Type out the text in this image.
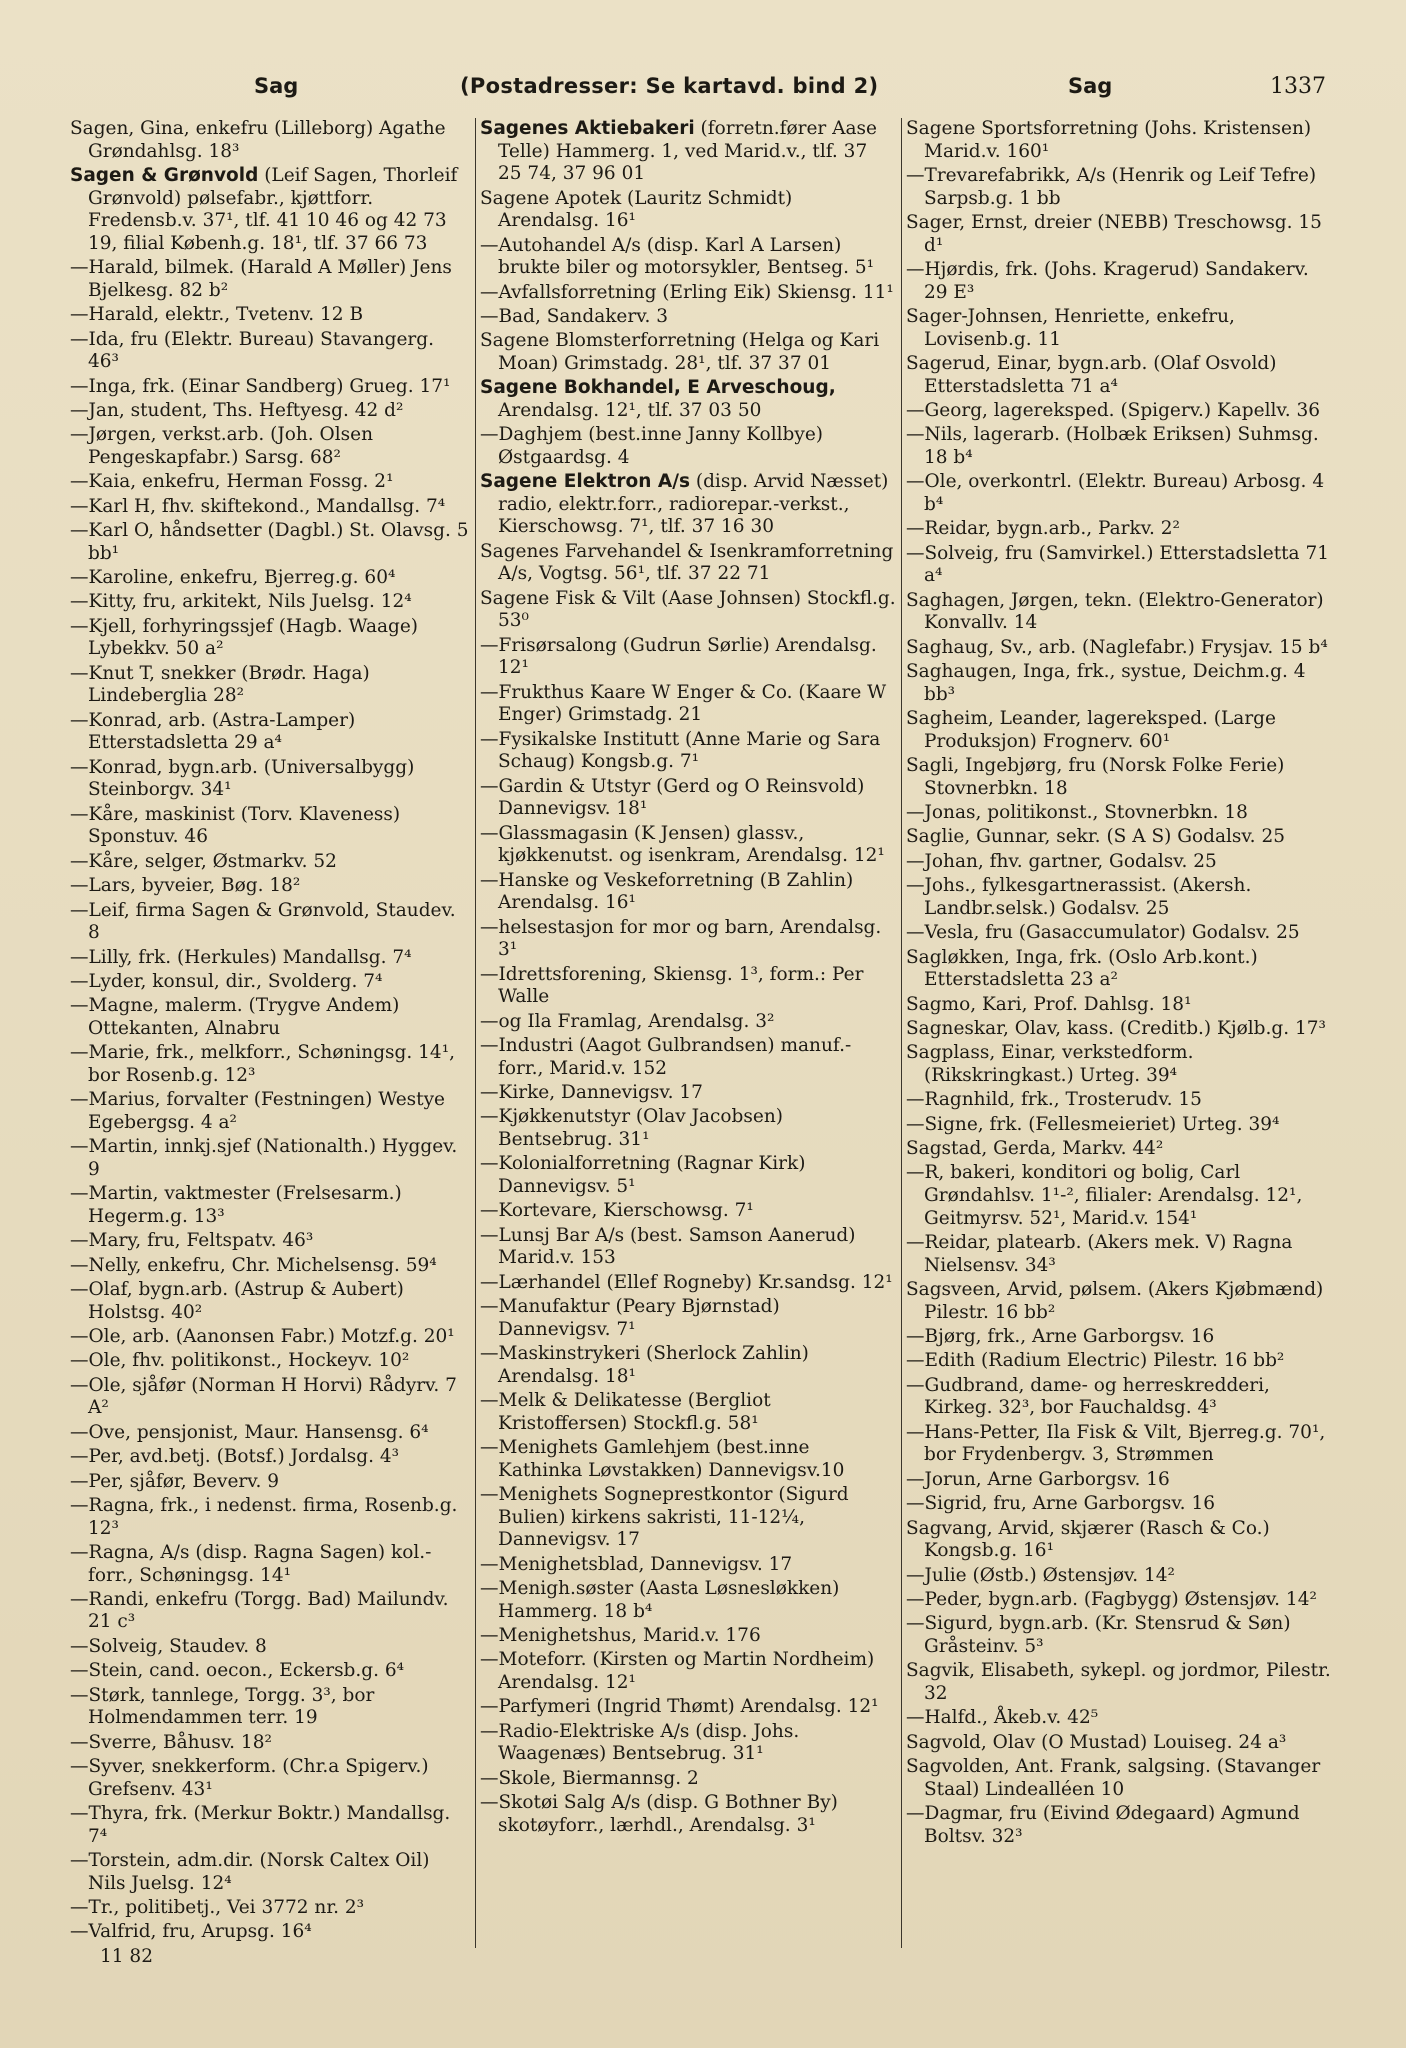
Sag	(Postadresser: Se kartavd. bind 2)	Sag	1337
Sagen, Gina, enkefru (Lilleborg) Agathe Grøndahlsg. 18³
Sagen & Grønvold (Leif Sagen, Thorleif Grønvold) pølsefabr., kjøttforr. Fredensb.v. 37¹, tlf. 41 10 46 og 42 73 19, filial Københ.g. 18¹, tlf. 37 66 73
—Harald, bilmek. (Harald A Møller) Jens Bjelkesg. 82 b²
—Harald, elektr., Tvetenv. 12 B
—Ida, fru (Elektr. Bureau) Stavangerg. 46³
—Inga, frk. (Einar Sandberg) Grueg. 17¹
—Jan, student, Ths. Heftyesg. 42 d²
—Jørgen, verkst.arb. (Joh. Olsen Pengeskapfabr.) Sarsg. 68²
—Kaia, enkefru, Herman Fossg. 2¹
—Karl H, fhv. skiftekond., Mandallsg. 7⁴
—Karl O, håndsetter (Dagbl.) St. Olavsg. 5 bb¹
—Karoline, enkefru, Bjerreg.g. 60⁴
—Kitty, fru, arkitekt, Nils Juelsg. 12⁴
—Kjell, forhyringssjef (Hagb. Waage) Lybekkv. 50 a²
—Knut T, snekker (Brødr. Haga) Lindeberglia 28²
—Konrad, arb. (Astra-Lamper) Etterstadsletta 29 a⁴
—Konrad, bygn.arb. (Universalbygg) Steinborgv. 34¹
—Kåre, maskinist (Torv. Klaveness) Sponstuv. 46
—Kåre, selger, Østmarkv. 52
—Lars, byveier, Bøg. 18²
—Leif, firma Sagen & Grønvold, Staudev. 8
—Lilly, frk. (Herkules) Mandallsg. 7⁴
—Lyder, konsul, dir., Svolderg. 7⁴
—Magne, malerm. (Trygve Andem) Ottekanten, Alnabru
—Marie, frk., melkforr., Schøningsg. 14¹, bor Rosenb.g. 12³
—Marius, forvalter (Festningen) Westye Egebergsg. 4 a²
—Martin, innkj.sjef (Nationalth.) Hyggev. 9
—Martin, vaktmester (Frelsesarm.) Hegerm.g. 13³
—Mary, fru, Feltspatv. 46³
—Nelly, enkefru, Chr. Michelsensg. 59⁴
—Olaf, bygn.arb. (Astrup & Aubert) Holstsg. 40²
—Ole, arb. (Aanonsen Fabr.) Motzf.g. 20¹
—Ole, fhv. politikonst., Hockeyv. 10²
—Ole, sjåfør (Norman H Horvi) Rådyrv. 7 A²
—Ove, pensjonist, Maur. Hansensg. 6⁴
—Per, avd.betj. (Botsf.) Jordalsg. 4³
—Per, sjåfør, Beverv. 9
—Ragna, frk., i nedenst. firma, Rosenb.g. 12³
—Ragna, A/s (disp. Ragna Sagen) kol.-forr., Schøningsg. 14¹
—Randi, enkefru (Torgg. Bad) Mailundv. 21 c³
—Solveig, Staudev. 8
—Stein, cand. oecon., Eckersb.g. 6⁴
—Størk, tannlege, Torgg. 3³, bor Holmendammen terr. 19
—Sverre, Båhusv. 18²
—Syver, snekkerform. (Chr.a Spigerv.) Grefsenv. 43¹
—Thyra, frk. (Merkur Boktr.) Mandallsg. 7⁴
—Torstein, adm.dir. (Norsk Caltex Oil) Nils Juelsg. 12⁴
—Tr., politibetj., Vei 3772 nr. 2³
—Valfrid, fru, Arupsg. 16⁴
11 82
Sagenes Aktiebakeri (forretn.fører Aase Telle) Hammerg. 1, ved Marid.v., tlf. 37 25 74, 37 96 01
Sagene Apotek (Lauritz Schmidt) Arendalsg. 16¹
—Autohandel A/s (disp. Karl A Larsen) brukte biler og motorsykler, Bentseg. 5¹
—Avfallsforretning (Erling Eik) Skiensg. 11¹
—Bad, Sandakerv. 3
Sagene Blomsterforretning (Helga og Kari Moan) Grimstadg. 28¹, tlf. 37 37 01
Sagene Bokhandel, E Arveschoug, Arendalsg. 12¹, tlf. 37 03 50
—Daghjem (best.inne Janny Kollbye) Østgaardsg. 4
Sagene Elektron A/s (disp. Arvid Næsset) radio, elektr.forr., radiorepar.-verkst., Kierschowsg. 7¹, tlf. 37 16 30
Sagenes Farvehandel & Isenkramforretning A/s, Vogtsg. 56¹, tlf. 37 22 71
Sagene Fisk & Vilt (Aase Johnsen) Stockfl.g. 53⁰
—Frisørsalong (Gudrun Sørlie) Arendalsg. 12¹
—Frukthus Kaare W Enger & Co. (Kaare W Enger) Grimstadg. 21
—Fysikalske Institutt (Anne Marie og Sara Schaug) Kongsb.g. 7¹
—Gardin & Utstyr (Gerd og O Reinsvold) Dannevigsv. 18¹
—Glassmagasin (K Jensen) glassv., kjøkkenutst. og isenkram, Arendalsg. 12¹
—Hanske og Veskeforretning (B Zahlin) Arendalsg. 16¹
—helsestasjon for mor og barn, Arendalsg. 3¹
—Idrettsforening, Skiensg. 1³, form.: Per Walle
—og Ila Framlag, Arendalsg. 3²
—Industri (Aagot Gulbrandsen) manuf.-forr., Marid.v. 152
—Kirke, Dannevigsv. 17
—Kjøkkenutstyr (Olav Jacobsen) Bentsebrug. 31¹
—Kolonialforretning (Ragnar Kirk) Dannevigsv. 5¹
—Kortevare, Kierschowsg. 7¹
—Lunsj Bar A/s (best. Samson Aanerud) Marid.v. 153
—Lærhandel (Ellef Rogneby) Kr.sandsg. 12¹
—Manufaktur (Peary Bjørnstad) Dannevigsv. 7¹
—Maskinstrykeri (Sherlock Zahlin) Arendalsg. 18¹
—Melk & Delikatesse (Bergliot Kristoffersen) Stockfl.g. 58¹
—Menighets Gamlehjem (best.inne Kathinka Løvstakken) Dannevigsv.10
—Menighets Sogneprestkontor (Sigurd Bulien) kirkens sakristi, 11-12¼, Dannevigsv. 17
—Menighetsblad, Dannevigsv. 17
—Menigh.søster (Aasta Løsnesløkken) Hammerg. 18 b⁴
—Menighetshus, Marid.v. 176
—Moteforr. (Kirsten og Martin Nordheim) Arendalsg. 12¹
—Parfymeri (Ingrid Thømt) Arendalsg. 12¹
—Radio-Elektriske A/s (disp. Johs. Waagenæs) Bentsebrug. 31¹
—Skole, Biermannsg. 2
—Skotøi Salg A/s (disp. G Bothner By) skotøyforr., lærhdl., Arendalsg. 3¹
Sagene Sportsforretning (Johs. Kristensen) Marid.v. 160¹
—Trevarefabrikk, A/s (Henrik og Leif Tefre) Sarpsb.g. 1 bb
Sager, Ernst, dreier (NEBB) Treschowsg. 15 d¹
—Hjørdis, frk. (Johs. Kragerud) Sandakerv. 29 E³
Sager-Johnsen, Henriette, enkefru, Lovisenb.g. 11
Sagerud, Einar, bygn.arb. (Olaf Osvold) Etterstadsletta 71 a⁴
—Georg, lagereksped. (Spigerv.) Kapellv. 36
—Nils, lagerarb. (Holbæk Eriksen) Suhmsg. 18 b⁴
—Ole, overkontrl. (Elektr. Bureau) Arbosg. 4 b⁴
—Reidar, bygn.arb., Parkv. 2²
—Solveig, fru (Samvirkel.) Etterstadsletta 71 a⁴
Saghagen, Jørgen, tekn. (Elektro-Generator) Konvallv. 14
Saghaug, Sv., arb. (Naglefabr.) Frysjav. 15 b⁴
Saghaugen, Inga, frk., systue, Deichm.g. 4 bb³
Sagheim, Leander, lagereksped. (Large Produksjon) Frognerv. 60¹
Sagli, Ingebjørg, fru (Norsk Folke Ferie) Stovnerbkn. 18
—Jonas, politikonst., Stovnerbkn. 18
Saglie, Gunnar, sekr. (S A S) Godalsv. 25
—Johan, fhv. gartner, Godalsv. 25
—Johs., fylkesgartnerassist. (Akersh. Landbr.selsk.) Godalsv. 25
—Vesla, fru (Gasaccumulator) Godalsv. 25
Sagløkken, Inga, frk. (Oslo Arb.kont.) Etterstadsletta 23 a²
Sagmo, Kari, Prof. Dahlsg. 18¹
Sagneskar, Olav, kass. (Creditb.) Kjølb.g. 17³
Sagplass, Einar, verkstedform. (Rikskringkast.) Urteg. 39⁴
—Ragnhild, frk., Trosterudv. 15
—Signe, frk. (Fellesmeieriet) Urteg. 39⁴
Sagstad, Gerda, Markv. 44²
—R, bakeri, konditori og bolig, Carl Grøndahlsv. 1¹-², filialer: Arendalsg. 12¹, Geitmyrsv. 52¹, Marid.v. 154¹
—Reidar, platearb. (Akers mek. V) Ragna Nielsensv. 34³
Sagsveen, Arvid, pølsem. (Akers Kjøbmænd) Pilestr. 16 bb²
—Bjørg, frk., Arne Garborgsv. 16
—Edith (Radium Electric) Pilestr. 16 bb²
—Gudbrand, dame- og herreskredderi, Kirkeg. 32³, bor Fauchaldsg. 4³
—Hans-Petter, Ila Fisk & Vilt, Bjerreg.g. 70¹, bor Frydenbergv. 3, Strømmen
—Jorun, Arne Garborgsv. 16
—Sigrid, fru, Arne Garborgsv. 16
Sagvang, Arvid, skjærer (Rasch & Co.) Kongsb.g. 16¹
—Julie (Østb.) Østensjøv. 14²
—Peder, bygn.arb. (Fagbygg) Østensjøv. 14²
—Sigurd, bygn.arb. (Kr. Stensrud & Søn) Gråsteinv. 5³
Sagvik, Elisabeth, sykepl. og jordmor, Pilestr. 32
—Halfd., Åkeb.v. 42⁵
Sagvold, Olav (O Mustad) Louiseg. 24 a³
Sagvolden, Ant. Frank, salgsing. (Stavanger Staal) Lindealléen 10
—Dagmar, fru (Eivind Ødegaard) Agmund Boltsv. 32³
